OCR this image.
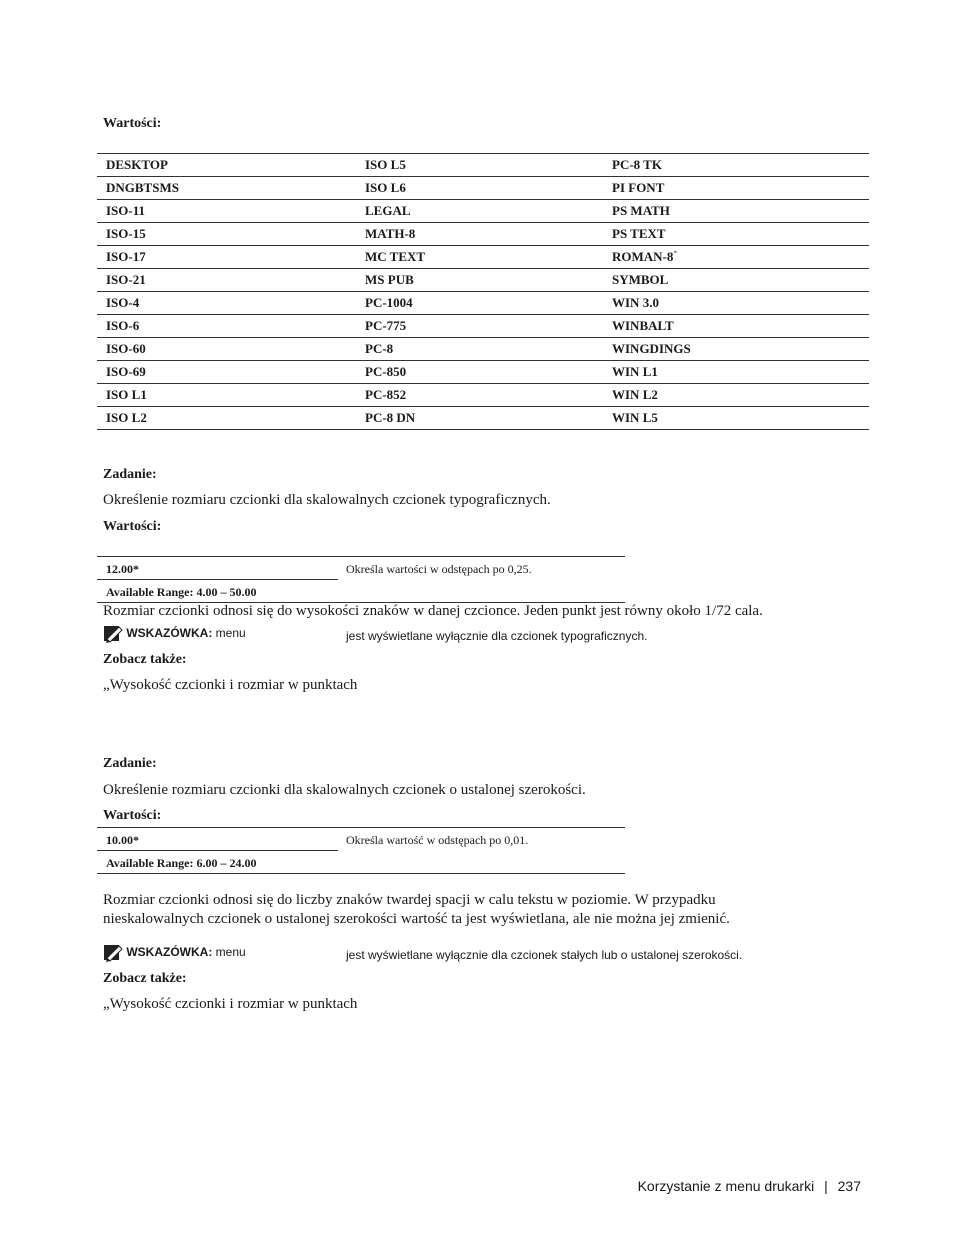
Wartości:
DESKTOP	ISO L5	PC-8 TK
DNGBTSMS	ISO L6	PI FONT
ISO-11	LEGAL	PS MATH
ISO-15	MATH-8	PS TEXT
ISO-17	MC TEXT	ROMAN-8*
ISO-21	MS PUB	SYMBOL
ISO-4	PC-1004	WIN 3.0
ISO-6	PC-775	WINBALT
ISO-60	PC-8	WINGDINGS
ISO-69	PC-850	WIN L1
ISO L1	PC-852	WIN L2
ISO L2	PC-8 DN	WIN L5
Zadanie:
Określenie rozmiaru czcionki dla skalowalnych czcionek typograficznych.
Wartości:
12.00*	Określa wartości w odstępach po 0,25.
Available Range: 4.00 – 50.00
Rozmiar czcionki odnosi się do wysokości znaków w danej czcionce. Jeden punkt jest równy około 1/72 cala.
WSKAZÓWKA: menu	jest wyświetlane wyłącznie dla czcionek typograficznych.
Zobacz także:
„Wysokość czcionki i rozmiar w punktach
Zadanie:
Określenie rozmiaru czcionki dla skalowalnych czcionek o ustalonej szerokości.
Wartości:
10.00*	Określa wartość w odstępach po 0,01.
Available Range: 6.00 – 24.00
Rozmiar czcionki odnosi się do liczby znaków twardej spacji w calu tekstu w poziomie. W przypadku
nieskalowalnych czcionek o ustalonej szerokości wartość ta jest wyświetlana, ale nie można jej zmienić.
WSKAZÓWKA: menu	jest wyświetlane wyłącznie dla czcionek stałych lub o ustalonej szerokości.
Zobacz także:
„Wysokość czcionki i rozmiar w punktach
Korzystanie z menu drukarki | 237
